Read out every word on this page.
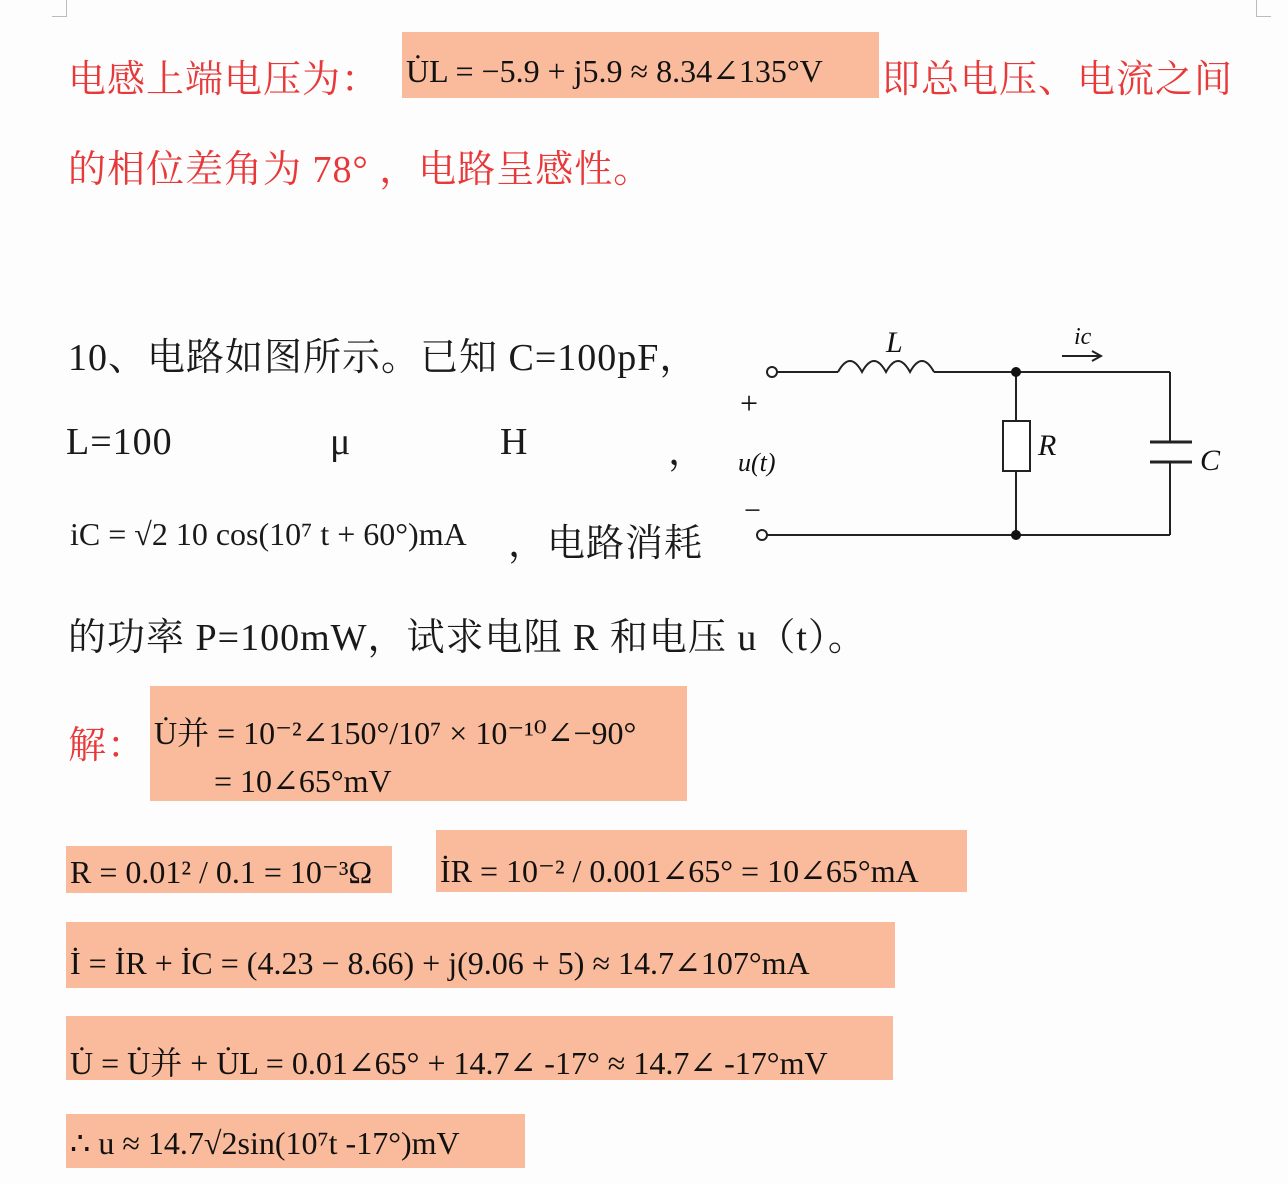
电感上端电压为： U̇L = −5.9 + j5.9 ≈ 8.34∠135°V 即总电压、电流之间
的相位差角为 78° ，电路呈感性。
10、电路如图所示。已知 C=100pF，
L=100	μ	H	，
iC = √2 10 cos(10⁷ t + 60°)mA ，电路消耗
的功率 P=100mW，试求电阻 R 和电压 u（t）。
L	ic
R	C
+
u(t)
−
解： U̇并 = 10⁻²∠150°/10⁷ × 10⁻¹⁰∠−90°
= 10∠65°mV
R = 0.01² / 0.1 = 10⁻³Ω İR = 10⁻² / 0.001∠65° = 10∠65°mA
İ = İR + İC = (4.23 − 8.66) + j(9.06 + 5) ≈ 14.7∠107°mA
U̇ = U̇并 + U̇L = 0.01∠65° + 14.7∠ -17° ≈ 14.7∠ -17°mV
∴ u ≈ 14.7√2sin(10⁷t -17°)mV
